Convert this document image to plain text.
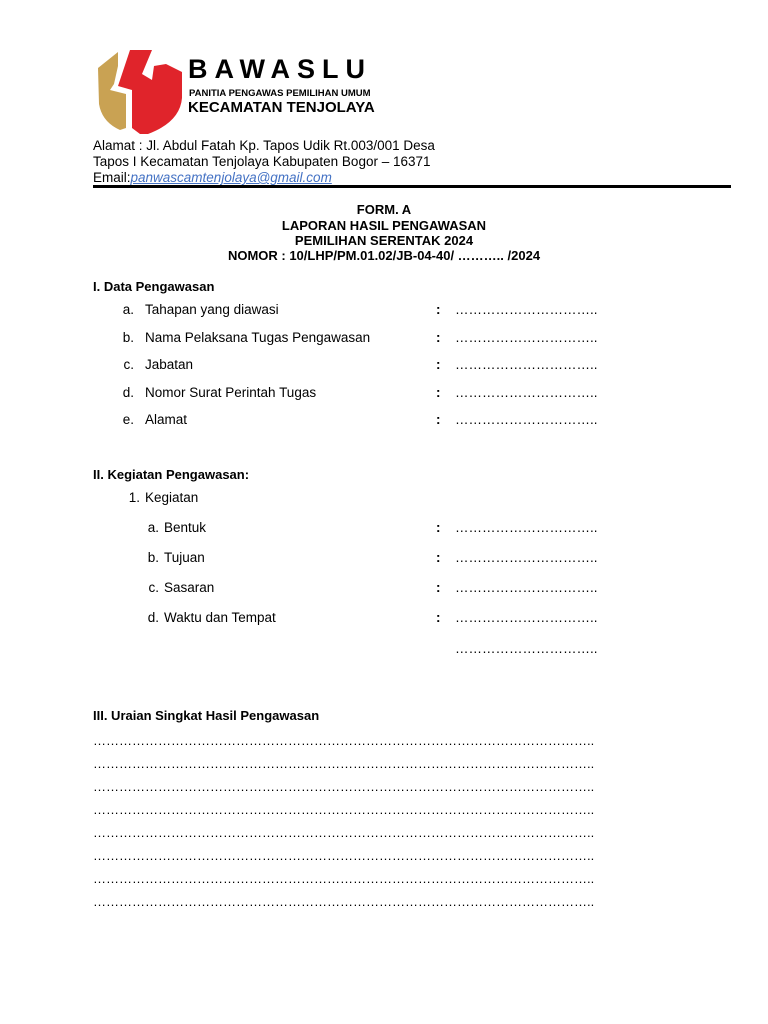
BAWASLU
PANITIA PENGAWAS PEMILIHAN UMUM
KECAMATAN TENJOLAYA
Alamat : Jl. Abdul Fatah Kp. Tapos Udik Rt.003/001 Desa
Tapos I Kecamatan Tenjolaya Kabupaten Bogor – 16371
Email:panwascamtenjolaya@gmail.com
FORM. A
LAPORAN HASIL PENGAWASAN
PEMILIHAN SERENTAK 2024
NOMOR : 10/LHP/PM.01.02/JB-04-40/ ……….. /2024
I. Data Pengawasan
a. Tahapan yang diawasi	: …………………………..
b. Nama Pelaksana Tugas Pengawasan	: …………………………..
c. Jabatan	: …………………………..
d. Nomor Surat Perintah Tugas	: …………………………..
e. Alamat	: …………………………..
II. Kegiatan Pengawasan:
1. Kegiatan
a. Bentuk	: …………………………..
b. Tujuan	: …………………………..
c. Sasaran	: …………………………..
d. Waktu dan Tempat	: …………………………..
…………………………..
III. Uraian Singkat Hasil Pengawasan
……………………………………………………………………………………………………..
……………………………………………………………………………………………………..
……………………………………………………………………………………………………..
……………………………………………………………………………………………………..
……………………………………………………………………………………………………..
……………………………………………………………………………………………………..
……………………………………………………………………………………………………..
……………………………………………………………………………………………………..
